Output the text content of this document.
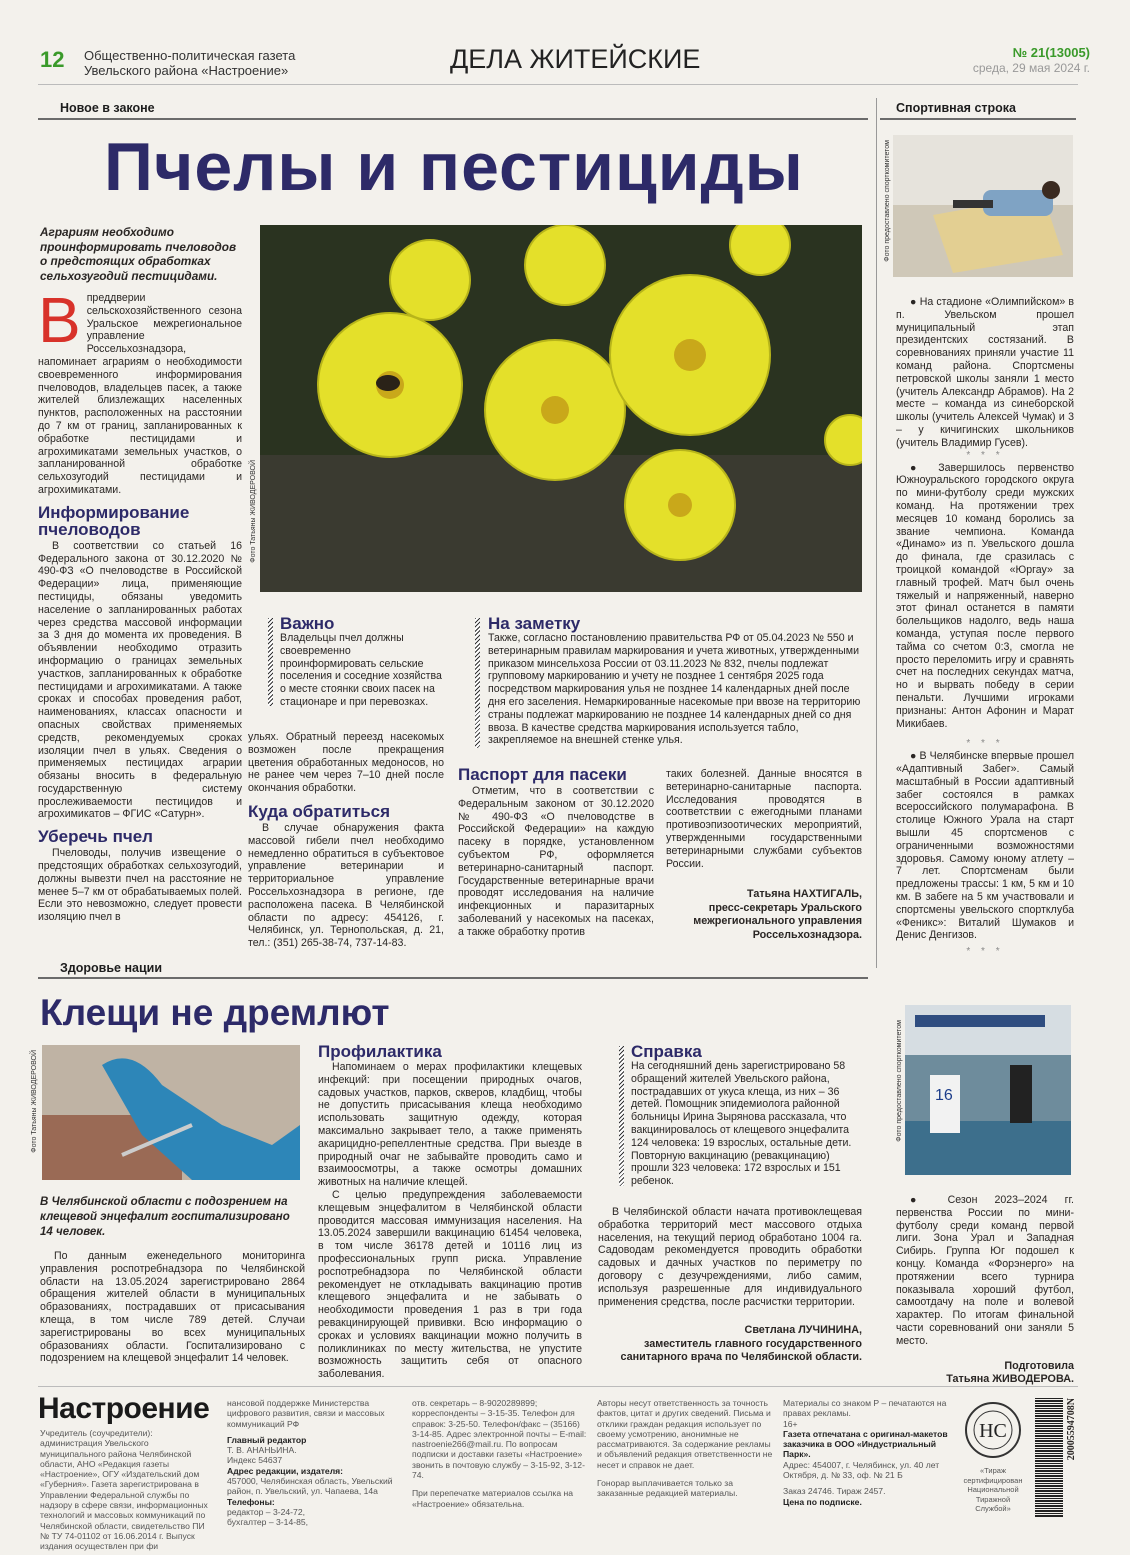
12 Общественно-политическая газета
Увельского района «Настроение»	ДЕЛА ЖИТЕЙСКИЕ	№ 21(13005)
среда, 29 мая 2024 г.
Новое в законе
Пчелы и пестициды
Аграриям необходимо проинформировать пчеловодов о предстоящих обработках сельхозугодий пестицидами.
В преддверии сельскохозяйственного сезона Уральское межрегиональное управление Россельхознадзора, напоминает аграриям о необходимости своевременного информирования пчеловодов, владельцев пасек, а также жителей близлежащих населенных пунктов, расположенных на расстоянии до 7 км от границ, запланированных к обработке пестицидами и агрохимикатами земельных участков, о запланированной обработке сельхозугодий пестицидами и агрохимикатами.

Информирование пчеловодов

В соответствии со статьей 16 Федерального закона от 30.12.2020 № 490-ФЗ «О пчеловодстве в Российской Федерации» лица, применяющие пестициды, обязаны уведомить население о запланированных работах через средства массовой информации за 3 дня до момента их проведения. В объявлении необходимо отразить информацию о границах земельных участков, запланированных к обработке пестицидами и агрохимикатами. А также сроках и способах проведения работ, наименованиях, классах опасности и опасных свойствах применяемых средств, рекомендуемых сроках изоляции пчел в ульях. Сведения о применяемых пестицидах аграрии обязаны вносить в федеральную государственную систему прослеживаемости пестицидов и агрохимикатов – ФГИС «Сатурн».

Уберечь пчел

Пчеловоды, получив извещение о предстоящих обработках сельхозугодий, должны вывезти пчел на расстояние не менее 5–7 км от обрабатываемых полей. Если это невозможно, следует провести изоляцию пчел в

Фото Татьяны ЖИВОДЕРОВОЙ
Важно
Владельцы пчел должны своевременно проинформировать сельские поселения и соседние хозяйства о месте стоянки своих пасек на стационаре и при перевозках.

ульях. Обратный переезд насекомых возможен после прекращения цветения обработанных медоносов, но не ранее чем через 7–10 дней после окончания обработки.

Куда обратиться

В случае обнаружения факта массовой гибели пчел необходимо немедленно обратиться в субъектовое управление ветеринарии и территориальное управление Россельхознадзора в регионе, где расположена пасека. В Челябинской области по адресу: 454126, г. Челябинск, ул. Тернопольская, д. 21, тел.: (351) 265-38-74, 737-14-83.

На заметку
Также, согласно постановлению правительства РФ от 05.04.2023 № 550 и ветеринарным правилам маркирования и учета животных, утвержденными приказом минсельхоза России от 03.11.2023 № 832, пчелы подлежат групповому маркированию и учету не позднее 1 сентября 2025 года посредством маркирования улья не позднее 14 календарных дней после дня его заселения. Немаркированные насекомые при ввозе на территорию страны подлежат маркированию не позднее 14 календарных дней со дня ввоза. В качестве средства маркирования используется табло, закрепляемое на внешней стенке улья.
Паспорт для пасеки

Отметим, что в соответствии с Федеральным законом от 30.12.2020 № 490-ФЗ «О пчеловодстве в Российской Федерации» на каждую пасеку в порядке, установленном субъектом РФ, оформляется ветеринарно-санитарный паспорт. Государственные ветеринарные врачи проводят исследования на наличие инфекционных и паразитарных заболеваний у насекомых на пасеках, а также обработку против

таких болезней. Данные вносятся в ветеринарно-санитарные паспорта. Исследования проводятся в соответствии с ежегодными планами противоэпизоотических мероприятий, утвержденными государственными ветеринарными службами субъектов России.

Татьяна НАХТИГАЛЬ,
пресс-секретарь Уральского межрегионального управления Россельхознадзора.
Спортивная строка
Фото предоставлено спорткомитетом

● На стадионе «Олимпийском» в п. Увельском прошел муниципальный этап президентских состязаний. В соревнованиях приняли участие 11 команд района. Спортсмены петровской школы заняли 1 место (учитель Александр Абрамов). На 2 месте – команда из синеборской школы (учитель Алексей Чумак) и 3 – у кичигинских школьников (учитель Владимир Гусев).

* * *

● Завершилось первенство Южноуральского городского округа по мини-футболу среди мужских команд. На протяжении трех месяцев 10 команд боролись за звание чемпиона. Команда «Динамо» из п. Увельского дошла до финала, где сразилась с троицкой командой «Юргау» за главный трофей. Матч был очень тяжелый и напряженный, наверно этот финал останется в памяти болельщиков надолго, ведь наша команда, уступая после первого тайма со счетом 0:3, смогла не просто переломить игру и сравнять счет на последних секундах матча, но и вырвать победу в серии пенальти. Лучшими игроками признаны: Антон Афонин и Марат Микибаев.

* * *

● В Челябинске впервые прошел «Адаптивный Забег». Самый масштабный в России адаптивный забег состоялся в рамках всероссийского полумарафона. В столице Южного Урала на старт вышли 45 спортсменов с ограниченными возможностями здоровья. Самому юному атлету – 7 лет. Спортсменам были предложены трассы: 1 км, 5 км и 10 км. В забеге на 5 км участвовали и спортсмены увельского спортклуба «Феникс»: Виталий Шумаков и Денис Денгизов.

* * *
16
Фото предоставлено спорткомитетом

● Сезон 2023–2024 гг. первенства России по мини-футболу среди команд первой лиги. Зона Урал и Западная Сибирь. Группа Юг подошел к концу. Команда «Форэнерго» на протяжении всего турнира показывала хороший футбол, самоотдачу на поле и волевой характер. По итогам финальной части соревнований они заняли 5 место.

Подготовила
Татьяна ЖИВОДЕРОВА.
Здоровье нации
Клещи не дремлют
Фото Татьяны ЖИВОДЕРОВОЙ
В Челябинской области с подозрением на клещевой энцефалит госпитализировано 14 человек.

По данным еженедельного мониторинга управления роспотребнадзора по Челябинской области на 13.05.2024 зарегистрировано 2864 обращения жителей области в муниципальных образованиях, пострадавших от присасывания клеща, в том числе 789 детей. Случаи зарегистрированы во всех муниципальных образованиях области. Госпитализировано с подозрением на клещевой энцефалит 14 человек.

Профилактика

Напоминаем о мерах профилактики клещевых инфекций: при посещении природных очагов, садовых участков, парков, скверов, кладбищ, чтобы не допустить присасывания клеща необходимо использовать защитную одежду, которая максимально закрывает тело, а также применять акарицидно-репеллентные средства. При выезде в природный очаг не забывайте проводить само и взаимоосмотры, а также осмотры домашних животных на наличие клещей.

С целью предупреждения заболеваемости клещевым энцефалитом в Челябинской области проводится массовая иммунизация населения. На 13.05.2024 завершили вакцинацию 61454 человека, в том числе 36178 детей и 10116 лиц из профессиональных групп риска. Управление роспотребнадзора по Челябинской области рекомендует не откладывать вакцинацию против клещевого энцефалита и не забывать о необходимости проведения 1 раз в три года ревакцинирующей прививки. Всю информацию о сроках и условиях вакцинации можно получить в поликлиниках по месту жительства, не упустите возможность защитить себя от опасного заболевания.

Справка
На сегодняшний день зарегистрировано 58 обращений жителей Увельского района, пострадавших от укуса клеща, из них – 36 детей. Помощник эпидемиолога районной больницы Ирина Зырянова рассказала, что вакцинировалось от клещевого энцефалита 124 человека: 19 взрослых, остальные дети. Повторную вакцинацию (ревакцинацию) прошли 323 человека: 172 взрослых и 151 ребенок.

В Челябинской области начата противоклещевая обработка территорий мест массового отдыха населения, на текущий период обработано 1004 га. Садоводам рекомендуется проводить обработки садовых и дачных участков по периметру по договору с дезучреждениями, либо самим, используя разрешенные для индивидуального применения средства, после расчистки территории.

Светлана ЛУЧИНИНА,
заместитель главного государственного санитарного врача по Челябинской области.
Настроение
Учредитель (соучредители): администрация Увельского муниципального района Челябинской области, АНО «Редакция газеты «Настроение», ОГУ «Издательский дом «Губерния». Газета зарегистрирована в Управлении Федеральной службы по надзору в сфере связи, информационных технологий и массовых коммуникаций по Челябинской области, свидетельство ПИ № ТУ 74-01102 от 16.06.2014 г. Выпуск издания осуществлен при фи
нансовой поддержке Министерства цифрового развития, связи и массовых коммуникаций РФ
Главный редактор
Т. В. АНАНЬИНА.
Индекс 54637
Адрес редакции, издателя:
457000, Челябинская область, Увельский район, п. Увельский, ул. Чапаева, 14а
Телефоны:
редактор – 3-24-72,
бухгалтер – 3-14-85,
отв. секретарь – 8-9020289899; корреспонденты – 3-15-35. Телефон для справок: 3-25-50. Телефон/факс – (35166) 3-14-85. Адрес электронной почты – E-mail: nastroenie266@mail.ru. По вопросам подписки и доставки газеты «Настроение» звонить в почтовую службу – 3-15-92, 3-12-74.
При перепечатке материалов ссылка на «Настроение» обязательна.
Авторы несут ответственность за точность фактов, цитат и других сведений. Письма и отклики граждан редакция использует по своему усмотрению, анонимные не рассматриваются. За содержание рекламы и объявлений редакция ответственности не несет и справок не дает.
Гонорар выплачивается только за заказанные редакцией материалы.
Материалы со знаком Р – печатаются на правах рекламы.
16+
Газета отпечатана с оригинал-макетов заказчика в ООО «Индустриальный Парк».
Адрес: 454007, г. Челябинск, ул. 40 лет Октября, д. № 33, оф. № 21 Б
Заказ 24746. Тираж 2457.
Цена по подписке.
НС
«Тираж сертифицирован Национальной Тиражной Службой»
20005594708N
